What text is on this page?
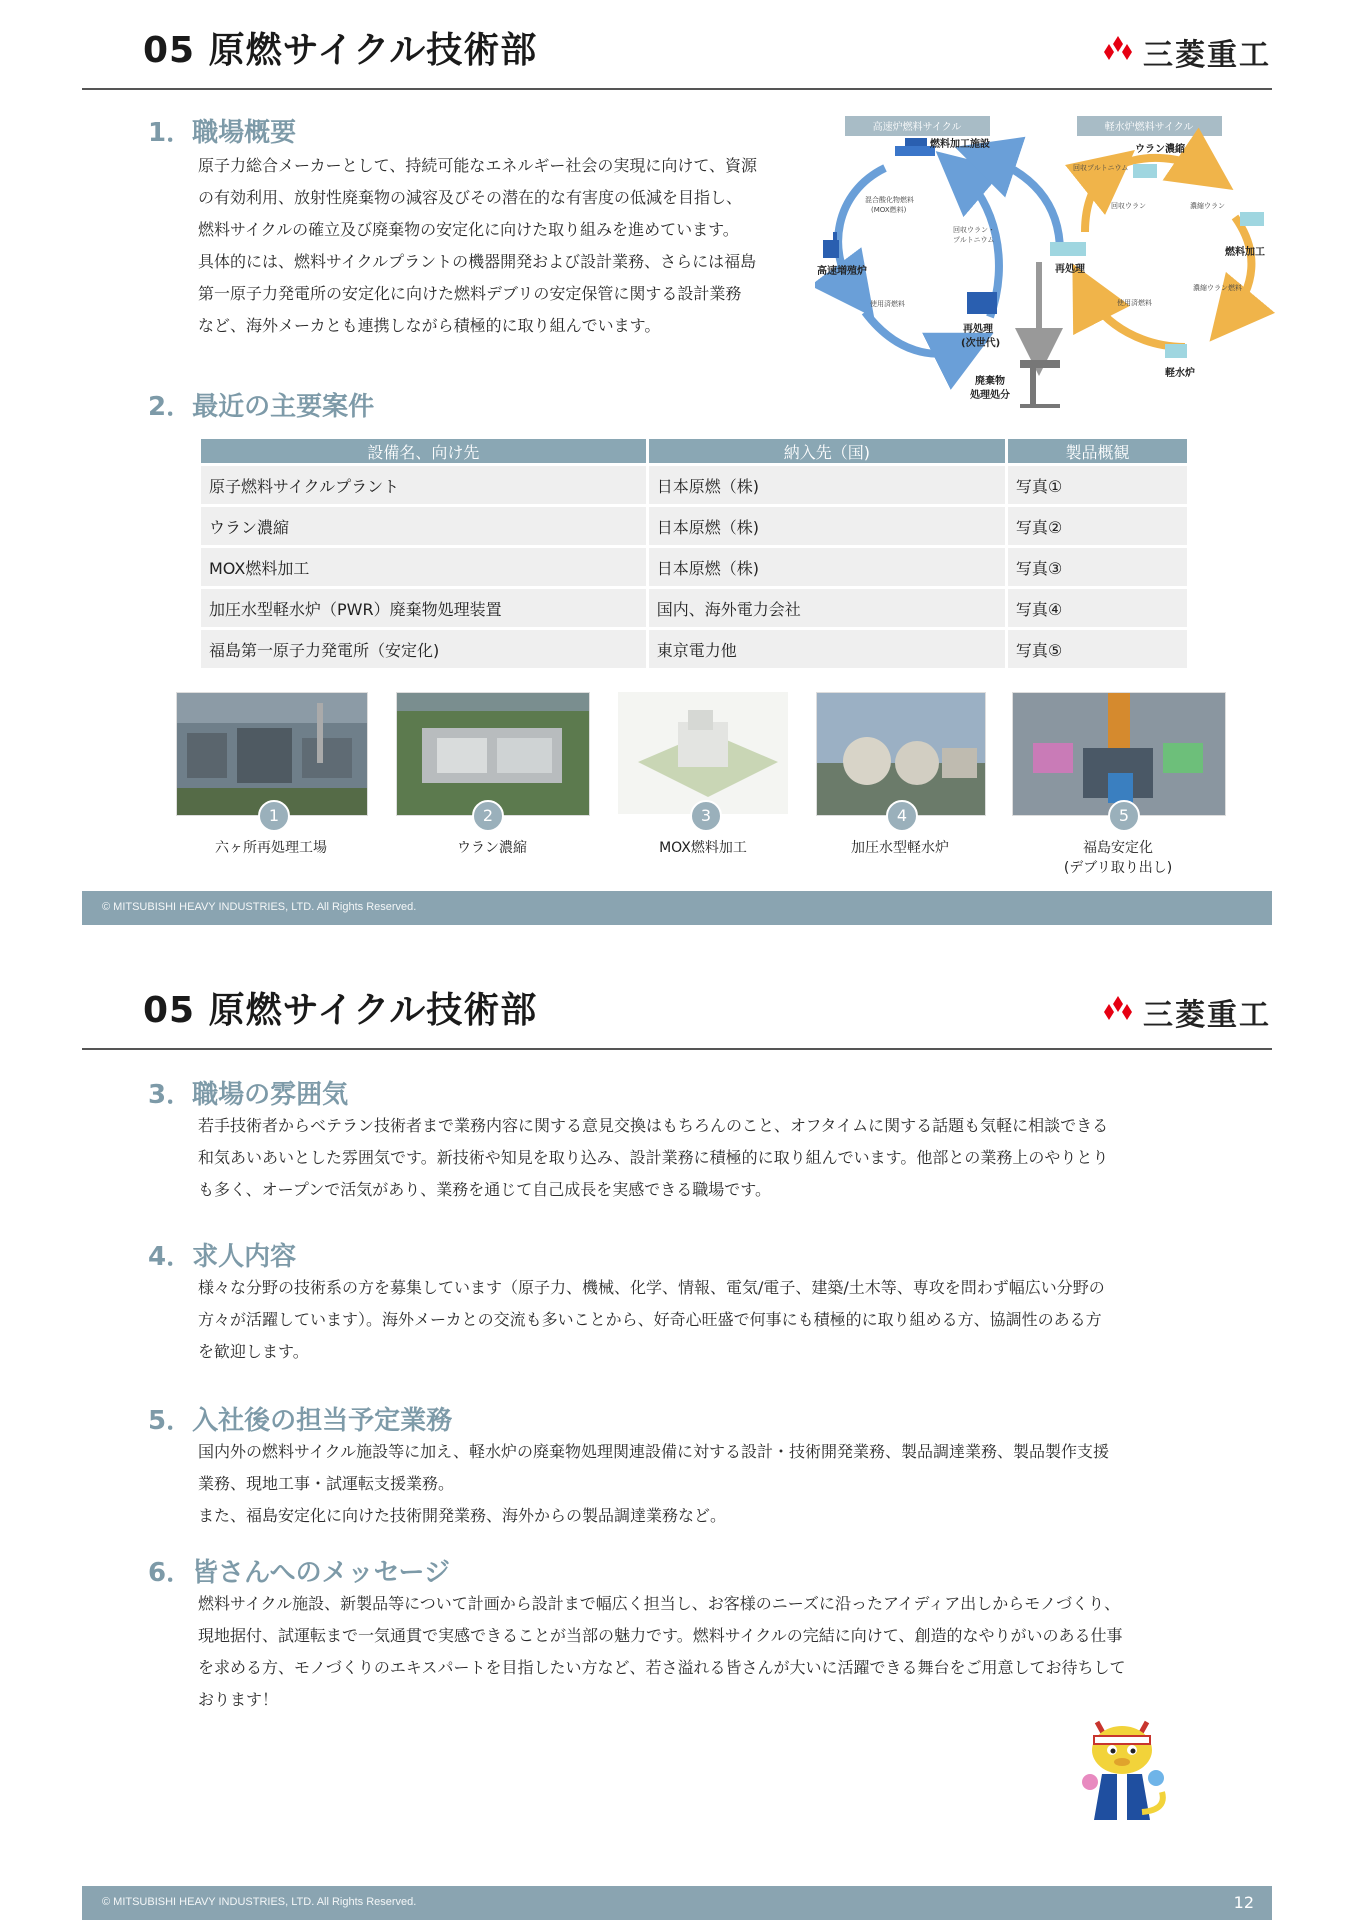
05 原燃サイクル技術部	三菱重工
1．職場概要

原子力総合メーカーとして、持続可能なエネルギー社会の実現に向けて、資源

の有効利用、放射性廃棄物の減容及びその潜在的な有害度の低減を目指し、

燃料サイクルの確立及び廃棄物の安定化に向けた取り組みを進めています。

具体的には、燃料サイクルプラントの機器開発および設計業務、さらには福島

第一原子力発電所の安定化に向けた燃料デブリの安定保管に関する設計業務

など、海外メーカとも連携しながら積極的に取り組んでいます。

高速炉燃料サイクル	軽水炉燃料サイクル
燃料加工施設
高速増殖炉
再処理
(次世代)
廃棄物
処理処分
再処理
ウラン濃縮
燃料加工
軽水炉
回収プルトニウム
回収ウラン	濃縮ウラン
濃縮ウラン燃料
使用済燃料
使用済燃料
混合酸化物燃料
(MOX燃料)
回収ウラン・
プルトニウム
2．最近の主要案件
設備名、向け先	納入先（国)	製品概観
原子燃料サイクルプラント	日本原燃（株)	写真①
ウラン濃縮	日本原燃（株)	写真②
MOX燃料加工	日本原燃（株)	写真③
加圧水型軽水炉（PWR）廃棄物処理装置	国内、海外電力会社	写真④
福島第一原子力発電所（安定化)	東京電力他	写真⑤
1	2	3	4	5
六ヶ所再処理工場	ウラン濃縮	MOX燃料加工	加圧水型軽水炉	福島安定化
(デブリ取り出し)
© MITSUBISHI HEAVY INDUSTRIES, LTD. All Rights Reserved.
05 原燃サイクル技術部	三菱重工
3．職場の雰囲気

若手技術者からベテラン技術者まで業務内容に関する意見交換はもちろんのこと、オフタイムに関する話題も気軽に相談できる

和気あいあいとした雰囲気です。新技術や知見を取り込み、設計業務に積極的に取り組んでいます。他部との業務上のやりとり

も多く、オープンで活気があり、業務を通じて自己成長を実感できる職場です。

4．求人内容

様々な分野の技術系の方を募集しています（原子力、機械、化学、情報、電気/電子、建築/土木等、専攻を問わず幅広い分野の

方々が活躍しています）。海外メーカとの交流も多いことから、好奇心旺盛で何事にも積極的に取り組める方、協調性のある方

を歓迎します。

5．入社後の担当予定業務

国内外の燃料サイクル施設等に加え、軽水炉の廃棄物処理関連設備に対する設計・技術開発業務、製品調達業務、製品製作支援

業務、現地工事・試運転支援業務。

また、福島安定化に向けた技術開発業務、海外からの製品調達業務など。

6．皆さんへのメッセージ

燃料サイクル施設、新製品等について計画から設計まで幅広く担当し、お客様のニーズに沿ったアイディア出しからモノづくり、

現地据付、試運転まで一気通貫で実感できることが当部の魅力です。燃料サイクルの完結に向けて、創造的なやりがいのある仕事

を求める方、モノづくりのエキスパートを目指したい方など、若さ溢れる皆さんが大いに活躍できる舞台をご用意してお待ちして

おります！

© MITSUBISHI HEAVY INDUSTRIES, LTD. All Rights Reserved.	12
